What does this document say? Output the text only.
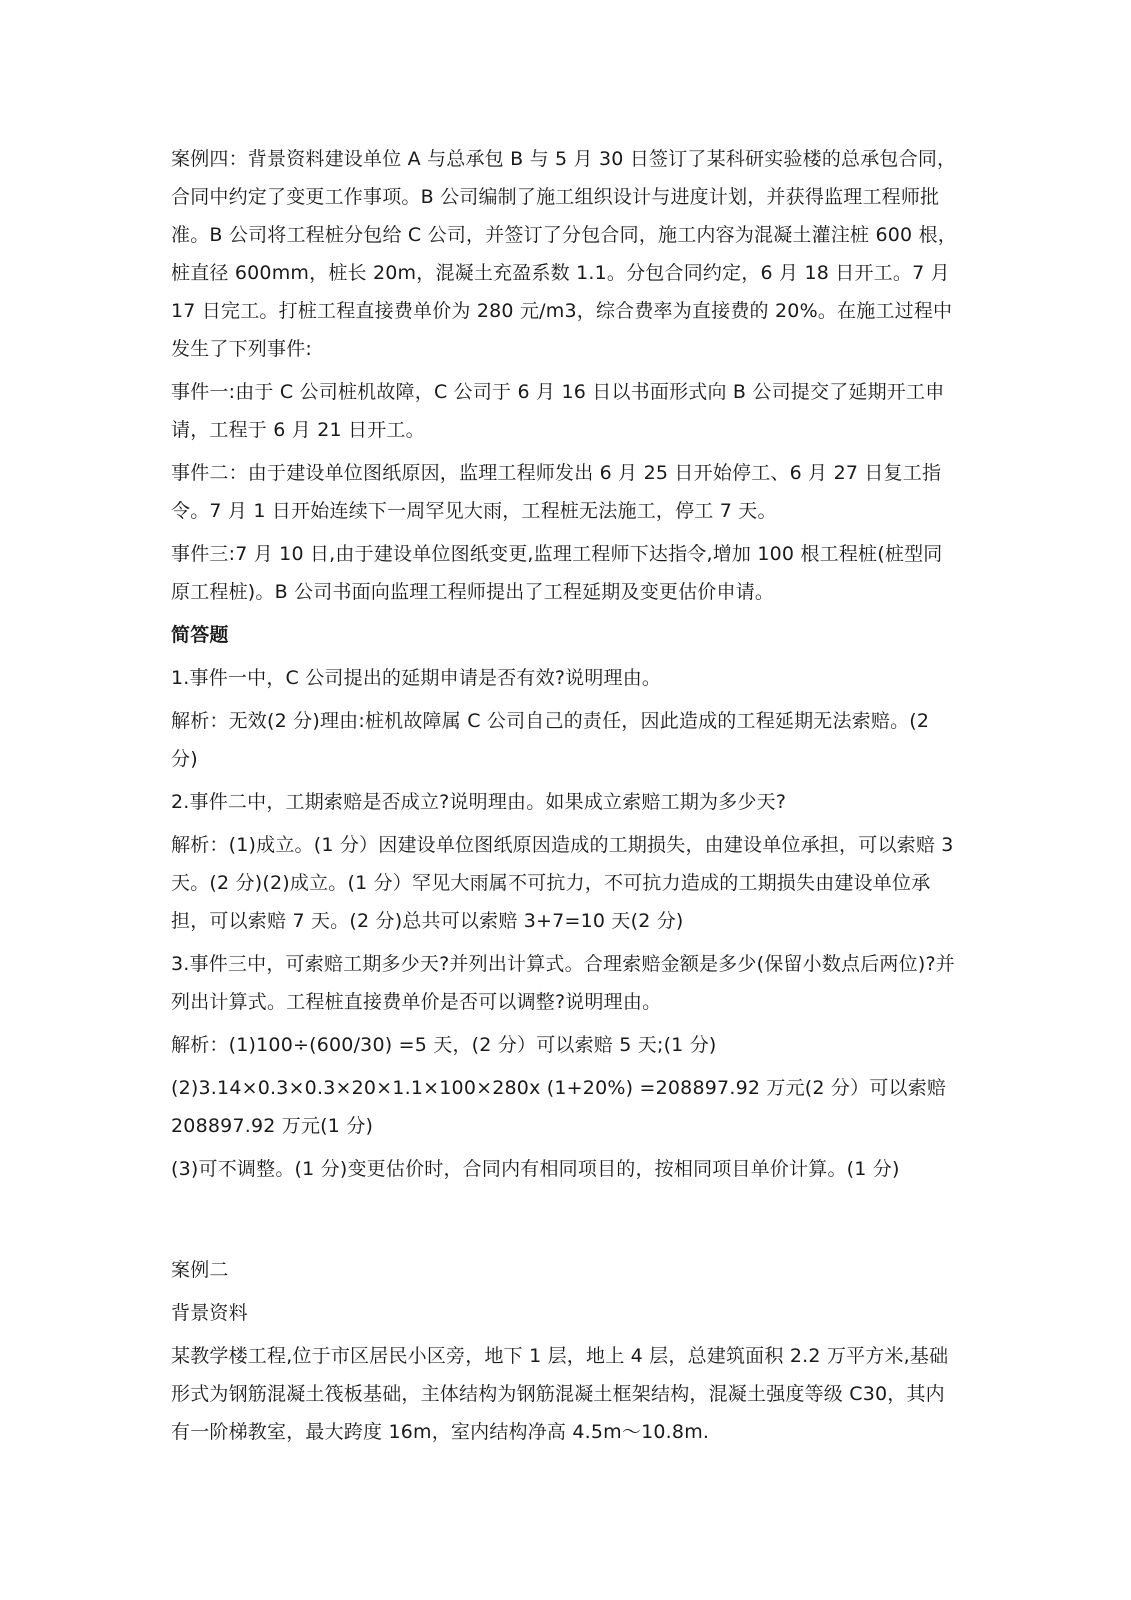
案例四：背景资料建设单位 A 与总承包 B 与 5 月 30 日签订了某科研实验楼的总承包合同，合同中约定了变更工作事项。B 公司编制了施工组织设计与进度计划，并获得监理工程师批准。B 公司将工程桩分包给 C 公司，并签订了分包合同，施工内容为混凝土灌注桩 600 根，桩直径 600mm，桩长 20m，混凝土充盈系数 1.1。分包合同约定，6 月 18 日开工。7 月 17 日完工。打桩工程直接费单价为 280 元/m3，综合费率为直接费的 20%。在施工过程中发生了下列事件:

事件一:由于 C 公司桩机故障，C 公司于 6 月 16 日以书面形式向 B 公司提交了延期开工申请，工程于 6 月 21 日开工。

事件二：由于建设单位图纸原因，监理工程师发出 6 月 25 日开始停工、6 月 27 日复工指令。7 月 1 日开始连续下一周罕见大雨，工程桩无法施工，停工 7 天。

事件三:7 月 10 日,由于建设单位图纸变更,监理工程师下达指令,增加 100 根工程桩(桩型同原工程桩)。B 公司书面向监理工程师提出了工程延期及变更估价申请。

简答题

1.事件一中，C 公司提出的延期申请是否有效?说明理由。

解析：无效(2 分)理由:桩机故障属 C 公司自己的责任，因此造成的工程延期无法索赔。(2 分)

2.事件二中，工期索赔是否成立?说明理由。如果成立索赔工期为多少天?

解析：(1)成立。(1 分）因建设单位图纸原因造成的工期损失，由建设单位承担，可以索赔 3 天。(2 分)(2)成立。(1 分）罕见大雨属不可抗力，不可抗力造成的工期损失由建设单位承担，可以索赔 7 天。(2 分)总共可以索赔 3+7=10 天(2 分)

3.事件三中，可索赔工期多少天?并列出计算式。合理索赔金额是多少(保留小数点后两位)?并列出计算式。工程桩直接费单价是否可以调整?说明理由。

解析：(1)100÷(600/30) =5 天，(2 分）可以索赔 5 天;(1 分)

(2)3.14×0.3×0.3×20×1.1×100×280x (1+20%) =208897.92 万元(2 分）可以索赔 208897.92 万元(1 分)

(3)可不调整。(1 分)变更估价时，合同内有相同项目的，按相同项目单价计算。(1 分)

案例二

背景资料

某教学楼工程,位于市区居民小区旁，地下 1 层，地上 4 层，总建筑面积 2.2 万平方米,基础形式为钢筋混凝土筏板基础，主体结构为钢筋混凝土框架结构，混凝土强度等级 C30，其内有一阶梯教室，最大跨度 16m，室内结构净高 4.5m～10.8m.
